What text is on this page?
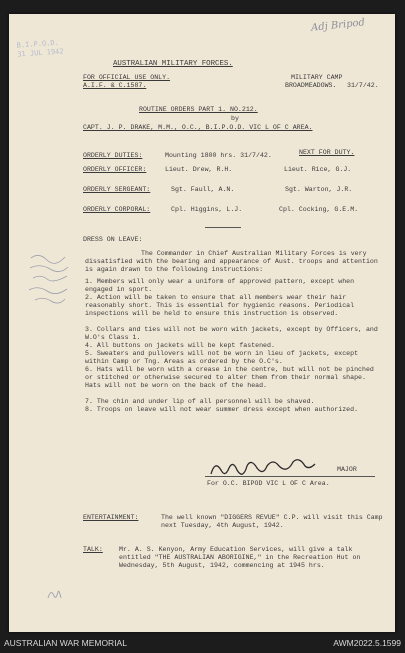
B.I.P.O.D.
31 JUL 1942
Adj Bripod
AUSTRALIAN MILITARY FORCES.
FOR OFFICIAL USE ONLY.
A.I.F. & C.1587.
MILITARY CAMP
BROADMEADOWS. 31/7/42.
ROUTINE ORDERS PART 1. NO.212.
by
CAPT. J. P. DRAKE, M.M., O.C., B.I.P.O.D. VIC L OF C AREA.
ORDERLY DUTIES:	Mounting 1800 hrs. 31/7/42.	NEXT FOR DUTY.
ORDERLY OFFICER:	Lieut. Drew, R.H.	Lieut. Rice, G.J.
ORDERLY SERGEANT:	Sgt. Faull, A.N.	Sgt. Warton, J.R.
ORDERLY CORPORAL:	Cpl. Higgins, L.J.	Cpl. Cocking, G.E.M.
DRESS ON LEAVE:
The Commander in Chief Australian Military Forces is very dissatisfied with the bearing and appearance of Aust. troops and attention is again drawn to the following instructions:
1. Members will only wear a uniform of approved pattern, except when engaged in sport.
2. Action will be taken to ensure that all members wear their hair reasonably short. This is essential for hygienic reasons. Periodical inspections will be held to ensure this instruction is observed.
3. Collars and ties will not be worn with jackets, except by Officers, and W.O's Class 1.
4. All buttons on jackets will be kept fastened.
5. Sweaters and pullovers will not be worn in lieu of jackets, except within Camp or Tng. Areas as ordered by the O.C's.
6. Hats will be worn with a crease in the centre, but will not be pinched or stitched or otherwise secured to alter them from their normal shape. Hats will not be worn on the back of the head.
7. The chin and under lip of all personnel will be shaved.
8. Troops on leave will not wear summer dress except when authorized.
MAJOR
For O.C. BIPOD VIC L OF C Area.
ENTERTAINMENT:	The well known "DIGGERS REVUE" C.P. will visit this Camp next Tuesday, 4th August, 1942.
TALK: Mr. A. S. Kenyon, Army Education Services, will give a talk entitled "THE AUSTRALIAN ABORIGINE," in the Recreation Hut on Wednesday, 5th August, 1942, commencing at 1945 hrs.
AUSTRALIAN WAR MEMORIAL	AWM2022.5.1599
